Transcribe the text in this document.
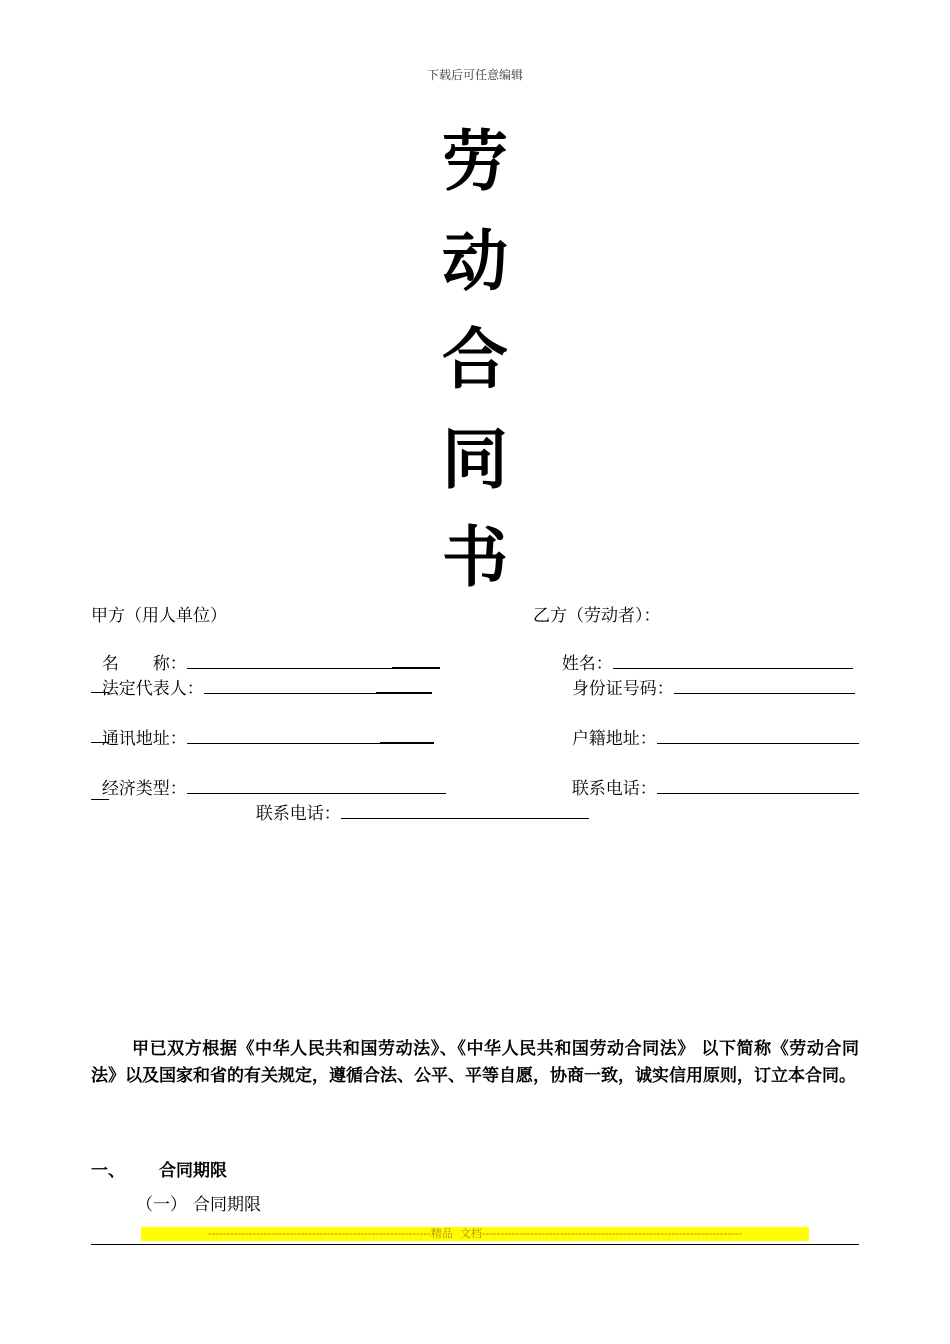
下载后可任意编辑
劳
动
合
同
书
甲方（用人单位）

名　　称：

法定代表人：

通讯地址：

经济类型：

联系电话：

乙方（劳动者）：

姓名：

身份证号码：

户籍地址：

联系电话：

甲已双方根据《中华人民共和国劳动法》、《中华人民共和国劳动合同法》 以下简称《劳动合同法》以及国家和省的有关规定，遵循合法、公平、平等自愿，协商一致，诚实信用原则，订立本合同。
一、 合同期限
（一） 合同期限
------------------------------------------------------------精品  文档----------------------------------------------------------------------
